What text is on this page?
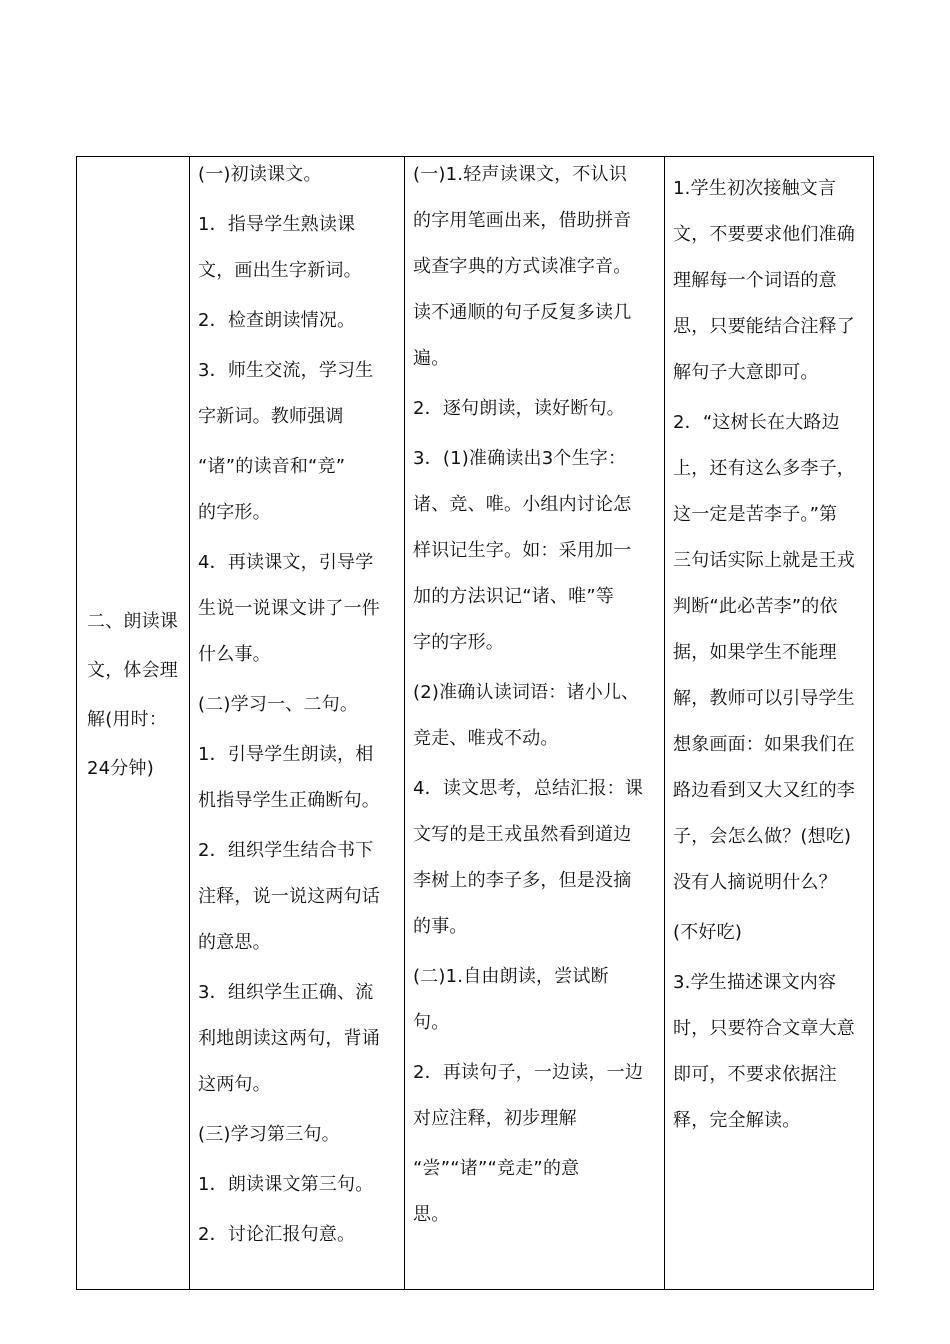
二、朗读课文，体会理解(用时：24分钟)

(一)初读课文。

1．指导学生熟读课

文，画出生字新词。

2．检查朗读情况。

3．师生交流，学习生

字新词。教师强调

“诸”的读音和“竞”

的字形。

4．再读课文，引导学

生说一说课文讲了一件

什么事。

(二)学习一、二句。

1．引导学生朗读，相

机指导学生正确断句。

2．组织学生结合书下

注释，说一说这两句话

的意思。

3．组织学生正确、流

利地朗读这两句，背诵

这两句。

(三)学习第三句。

1．朗读课文第三句。

2．讨论汇报句意。

(一)1.轻声读课文，不认识

的字用笔画出来，借助拼音

或查字典的方式读准字音。

读不通顺的句子反复多读几

遍。

2．逐句朗读，读好断句。

3．(1)准确读出3个生字：

诸、竞、唯。小组内讨论怎

样识记生字。如：采用加一

加的方法识记“诸、唯”等

字的字形。

(2)准确认读词语：诸小儿、

竞走、唯戎不动。

4．读文思考，总结汇报：课

文写的是王戎虽然看到道边

李树上的李子多，但是没摘

的事。

(二)1.自由朗读，尝试断

句。

2．再读句子，一边读，一边

对应注释，初步理解

“尝”“诸”“竞走”的意

思。

1.学生初次接触文言

文，不要要求他们准确

理解每一个词语的意

思，只要能结合注释了

解句子大意即可。

2．“这树长在大路边

上，还有这么多李子，

这一定是苦李子。”第

三句话实际上就是王戎

判断“此必苦李”的依

据，如果学生不能理

解，教师可以引导学生

想象画面：如果我们在

路边看到又大又红的李

子，会怎么做？(想吃)

没有人摘说明什么？

(不好吃)

3.学生描述课文内容

时，只要符合文章大意

即可，不要求依据注

释，完全解读。
